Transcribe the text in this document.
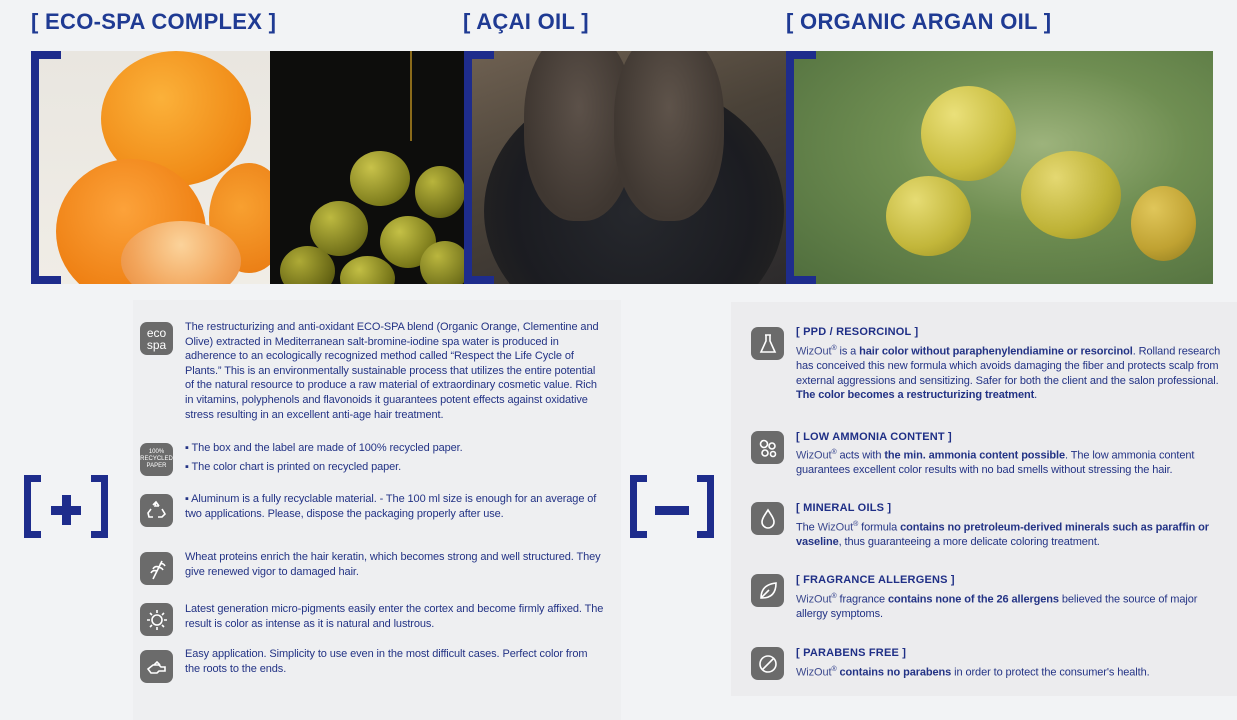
[ ECO-SPA COMPLEX ]	[ AÇAI OIL ]	[ ORGANIC ARGAN OIL ]
eco
spa
100%
RECYCLED
PAPER
The restructurizing and anti-oxidant ECO-SPA blend (Organic Orange, Clementine and Olive) extracted in Mediterranean salt-bromine-iodine spa water is produced in adherence to an ecologically recognized method called “Respect the Life Cycle of Plants.” This is an environmentally sustainable process that utilizes the entire potential of the natural resource to produce a raw material of extraordinary cosmetic value. Rich in vitamins, polyphenols and flavonoids it guarantees potent effects against oxidative stress resulting in an excellent anti-age hair treatment.
▪ The box and the label are made of 100% recycled paper.
▪ The color chart is printed on recycled paper.
▪ Aluminum is a fully recyclable material. - The 100 ml size is enough for an average of two applications. Please, dispose the packaging properly after use.
Wheat proteins enrich the hair keratin, which becomes strong and well structured. They give renewed vigor to damaged hair.
Latest generation micro-pigments easily enter the cortex and become firmly affixed. The result is color as intense as it is natural and lustrous.
Easy application. Simplicity to use even in the most difficult cases. Perfect color from the roots to the ends.
[ PPD / RESORCINOL ]
WizOut® is a hair color without paraphenylendiamine or resorcinol. Rolland research has conceived this new formula which avoids damaging the fiber and protects scalp from external aggressions and sensitizing. Safer for both the client and the salon professional. The color becomes a restructurizing treatment.
[ LOW AMMONIA CONTENT ]
WizOut® acts with the min. ammonia content possible. The low ammonia content guarantees excellent color results with no bad smells without stressing the hair.
[ MINERAL OILS ]
The WizOut® formula contains no pretroleum-derived minerals such as paraffin or vaseline, thus guaranteeing a more delicate coloring treatment.
[ FRAGRANCE ALLERGENS ]
WizOut® fragrance contains none of the 26 allergens believed the source of major allergy symptoms.
[ PARABENS FREE ]
WizOut® contains no parabens in order to protect the consumer's health.
